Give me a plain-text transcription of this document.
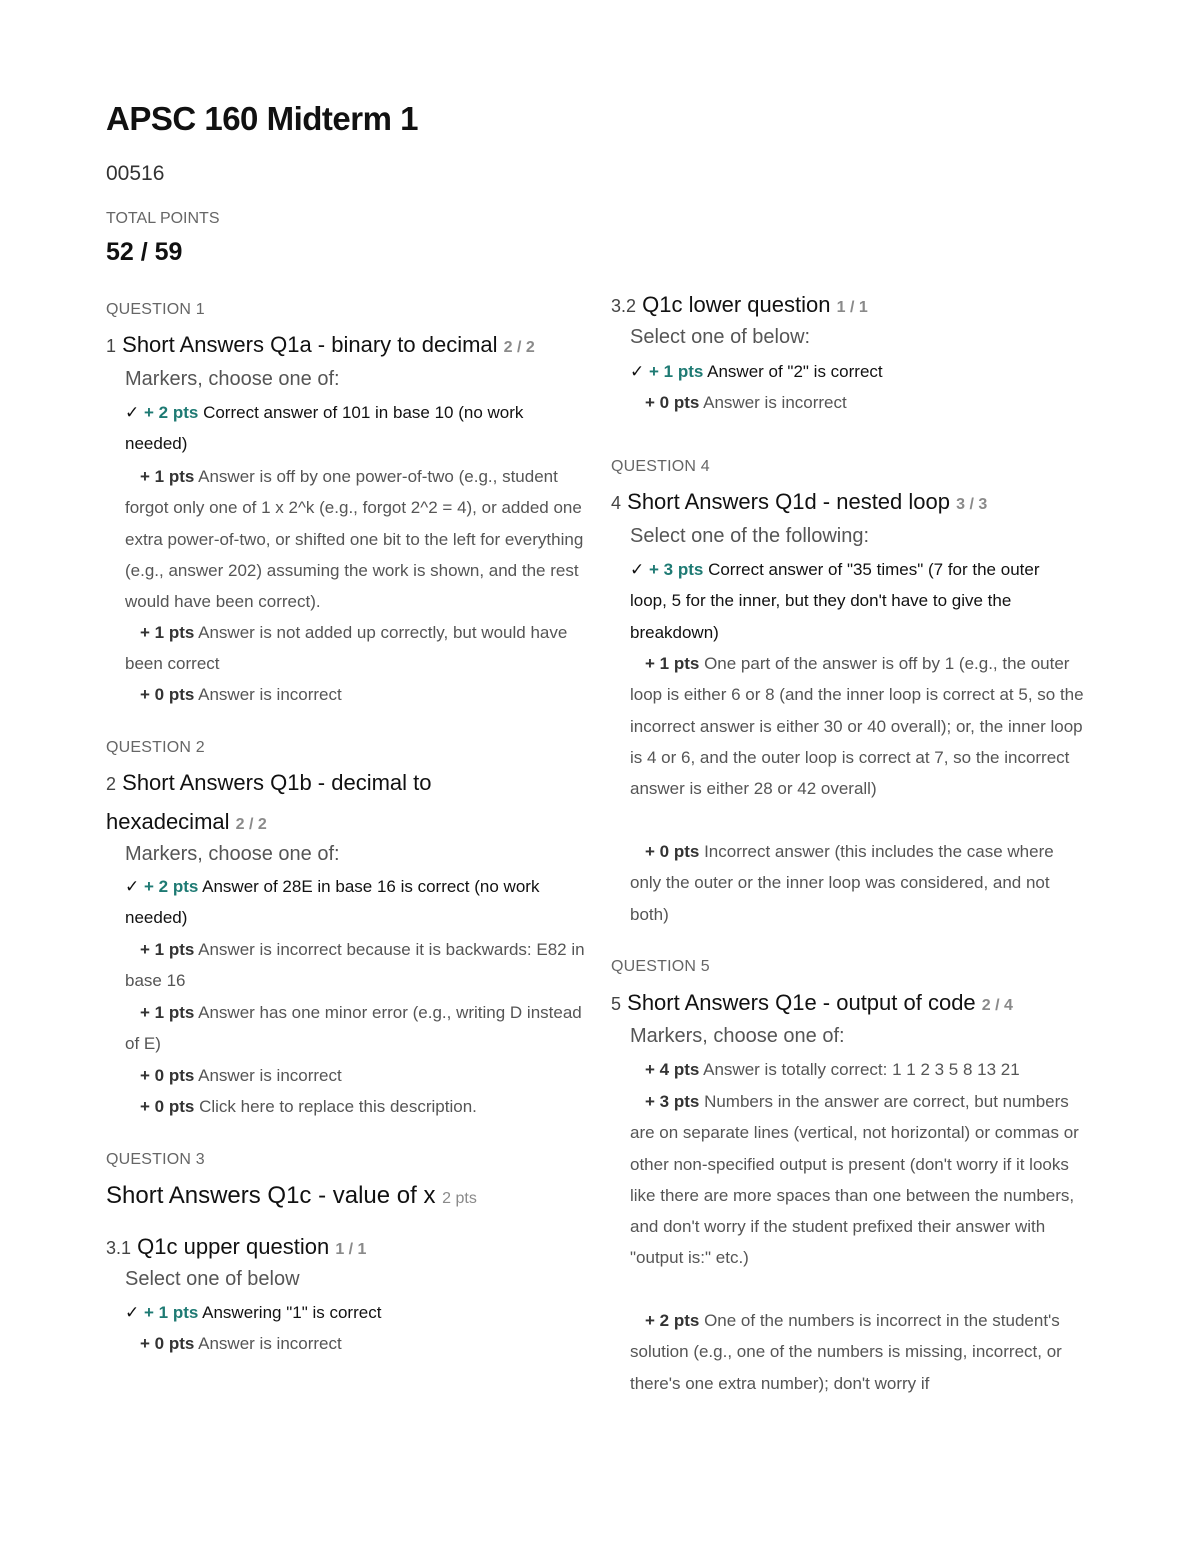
APSC 160 Midterm 1
00516
TOTAL POINTS
52 / 59
QUESTION 1
1 Short Answers Q1a - binary to decimal 2 / 2
Markers, choose one of:

✓ + 2 pts Correct answer of 101 in base 10 (no work needed)

+ 1 pts Answer is off by one power-of-two (e.g., student forgot only one of 1 x 2^k (e.g., forgot 2^2 = 4), or added one extra power-of-two, or shifted one bit to the left for everything (e.g., answer 202) assuming the work is shown, and the rest would have been correct).

+ 1 pts Answer is not added up correctly, but would have been correct

+ 0 pts Answer is incorrect

QUESTION 2
2 Short Answers Q1b - decimal to hexadecimal 2 / 2
Markers, choose one of:

✓ + 2 pts Answer of 28E in base 16 is correct (no work needed)

+ 1 pts Answer is incorrect because it is backwards: E82 in base 16

+ 1 pts Answer has one minor error (e.g., writing D instead of E)

+ 0 pts Answer is incorrect

+ 0 pts Click here to replace this description.

QUESTION 3
Short Answers Q1c - value of x 2 pts
3.1 Q1c upper question 1 / 1
Select one of below

✓ + 1 pts Answering "1" is correct

+ 0 pts Answer is incorrect

3.2 Q1c lower question 1 / 1
Select one of below:

✓ + 1 pts Answer of "2" is correct

+ 0 pts Answer is incorrect

QUESTION 4
4 Short Answers Q1d - nested loop 3 / 3
Select one of the following:

✓ + 3 pts Correct answer of "35 times" (7 for the outer loop, 5 for the inner, but they don't have to give the breakdown)

+ 1 pts One part of the answer is off by 1 (e.g., the outer loop is either 6 or 8 (and the inner loop is correct at 5, so the incorrect answer is either 30 or 40 overall); or, the inner loop is 4 or 6, and the outer loop is correct at 7, so the incorrect answer is either 28 or 42 overall)

+ 0 pts Incorrect answer (this includes the case where only the outer or the inner loop was considered, and not both)

QUESTION 5
5 Short Answers Q1e - output of code 2 / 4
Markers, choose one of:

+ 4 pts Answer is totally correct: 1 1 2 3 5 8 13 21

+ 3 pts Numbers in the answer are correct, but numbers are on separate lines (vertical, not horizontal) or commas or other non-specified output is present (don't worry if it looks like there are more spaces than one between the numbers, and don't worry if the student prefixed their answer with "output is:" etc.)

+ 2 pts One of the numbers is incorrect in the student's solution (e.g., one of the numbers is missing, incorrect, or there's one extra number); don't worry if
